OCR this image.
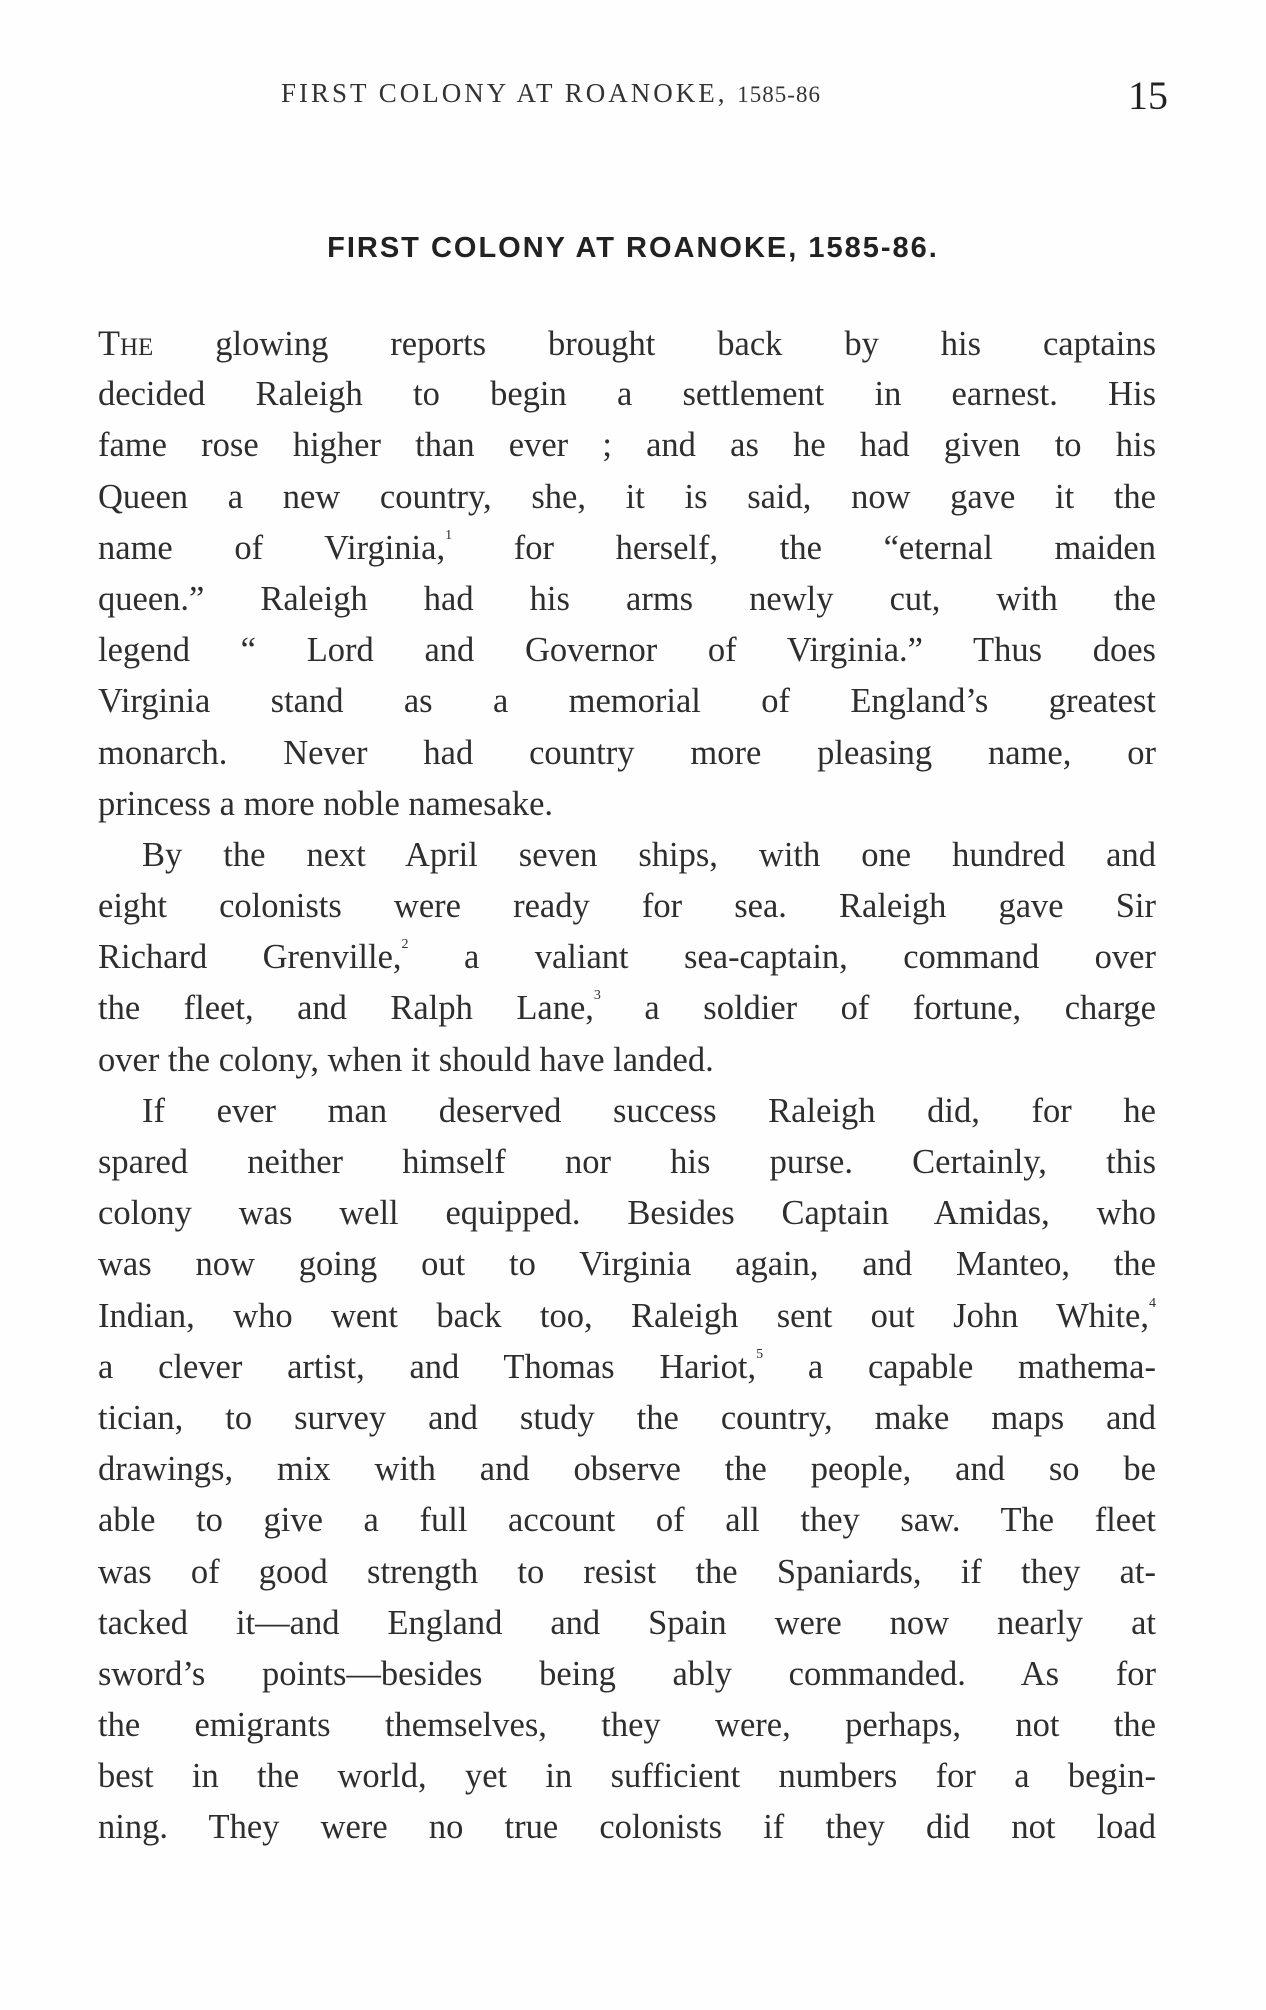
FIRST COLONY AT ROANOKE, 1585-86	15
FIRST COLONY AT ROANOKE, 1585-86.
The glowing reports brought back by his captains
decided Raleigh to begin a settlement in earnest. His
fame rose higher than ever ; and as he had given to his
Queen a new country, she, it is said, now gave it the
name of Virginia,$^1$ for herself, the “eternal maiden
queen.” Raleigh had his arms newly cut, with the
legend “ Lord and Governor of Virginia.” Thus does
Virginia stand as a memorial of England’s greatest
monarch. Never had country more pleasing name, or
princess a more noble namesake.
By the next April seven ships, with one hundred and
eight colonists were ready for sea. Raleigh gave Sir
Richard Grenville,$^2$ a valiant sea-captain, command over
the fleet, and Ralph Lane,$^3$ a soldier of fortune, charge
over the colony, when it should have landed.
If ever man deserved success Raleigh did, for he
spared neither himself nor his purse. Certainly, this
colony was well equipped. Besides Captain Amidas, who
was now going out to Virginia again, and Manteo, the
Indian, who went back too, Raleigh sent out John White,$^4$
a clever artist, and Thomas Hariot,$^5$ a capable mathema-
tician, to survey and study the country, make maps and
drawings, mix with and observe the people, and so be
able to give a full account of all they saw. The fleet
was of good strength to resist the Spaniards, if they at-
tacked it—and England and Spain were now nearly at
sword’s points—besides being ably commanded. As for
the emigrants themselves, they were, perhaps, not the
best in the world, yet in sufficient numbers for a begin-
ning. They were no true colonists if they did not load
